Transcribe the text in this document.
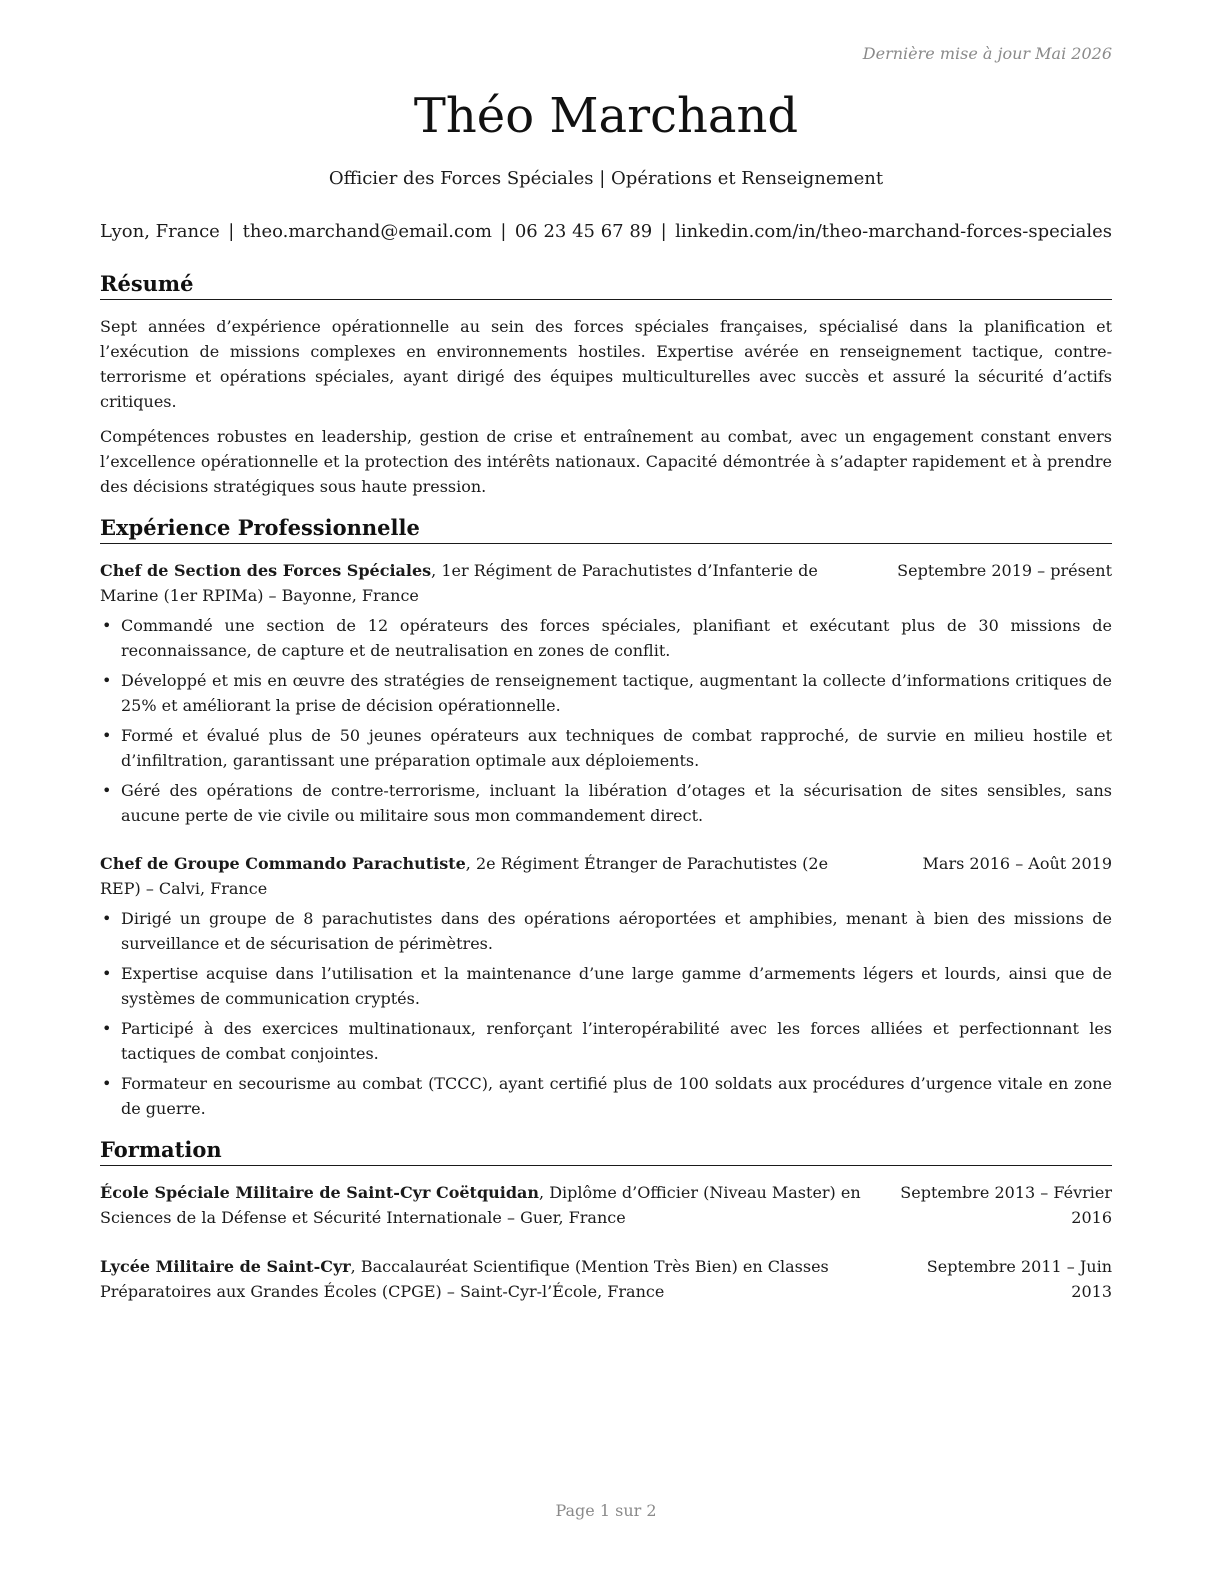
Dernière mise à jour Mai 2026
Théo Marchand
Officier des Forces Spéciales | Opérations et Renseignement
Lyon, France | theo.marchand@email.com | 06 23 45 67 89 | linkedin.com/in/theo-marchand-forces-speciales
Résumé

Sept années d’expérience opérationnelle au sein des forces spéciales françaises, spécialisé dans la planification et l’exécution de missions complexes en environnements hostiles. Expertise avérée en renseignement tactique, contre-terrorisme et opérations spéciales, ayant dirigé des équipes multiculturelles avec succès et assuré la sécurité d’actifs critiques.

Compétences robustes en leadership, gestion de crise et entraînement au combat, avec un engagement constant envers l’excellence opérationnelle et la protection des intérêts nationaux. Capacité démontrée à s’adapter rapidement et à prendre des décisions stratégiques sous haute pression.

Expérience Professionnelle
Chef de Section des Forces Spéciales, 1er Régiment de Parachutistes d’Infanterie de
Marine (1er RPIMa) – Bayonne, France
Septembre 2019 – présent
• Commandé une section de 12 opérateurs des forces spéciales, planifiant et exécutant plus de 30 missions de reconnaissance, de capture et de neutralisation en zones de conflit.
• Développé et mis en œuvre des stratégies de renseignement tactique, augmentant la collecte d’informations critiques de 25% et améliorant la prise de décision opérationnelle.
• Formé et évalué plus de 50 jeunes opérateurs aux techniques de combat rapproché, de survie en milieu hostile et d’infiltration, garantissant une préparation optimale aux déploiements.
• Géré des opérations de contre-terrorisme, incluant la libération d’otages et la sécurisation de sites sensibles, sans aucune perte de vie civile ou militaire sous mon commandement direct.
Chef de Groupe Commando Parachutiste, 2e Régiment Étranger de Parachutistes (2e
REP) – Calvi, France
Mars 2016 – Août 2019
• Dirigé un groupe de 8 parachutistes dans des opérations aéroportées et amphibies, menant à bien des missions de surveillance et de sécurisation de périmètres.
• Expertise acquise dans l’utilisation et la maintenance d’une large gamme d’armements légers et lourds, ainsi que de systèmes de communication cryptés.
• Participé à des exercices multinationaux, renforçant l’interopérabilité avec les forces alliées et perfectionnant les tactiques de combat conjointes.
• Formateur en secourisme au combat (TCCC), ayant certifié plus de 100 soldats aux procédures d’urgence vitale en zone de guerre.
Formation
École Spéciale Militaire de Saint-Cyr Coëtquidan, Diplôme d’Officier (Niveau Master) en
Sciences de la Défense et Sécurité Internationale – Guer, France
Septembre 2013 – Février
2016
Lycée Militaire de Saint-Cyr, Baccalauréat Scientifique (Mention Très Bien) en Classes
Préparatoires aux Grandes Écoles (CPGE) – Saint-Cyr-l’École, France
Septembre 2011 – Juin
2013
Page 1 sur 2
